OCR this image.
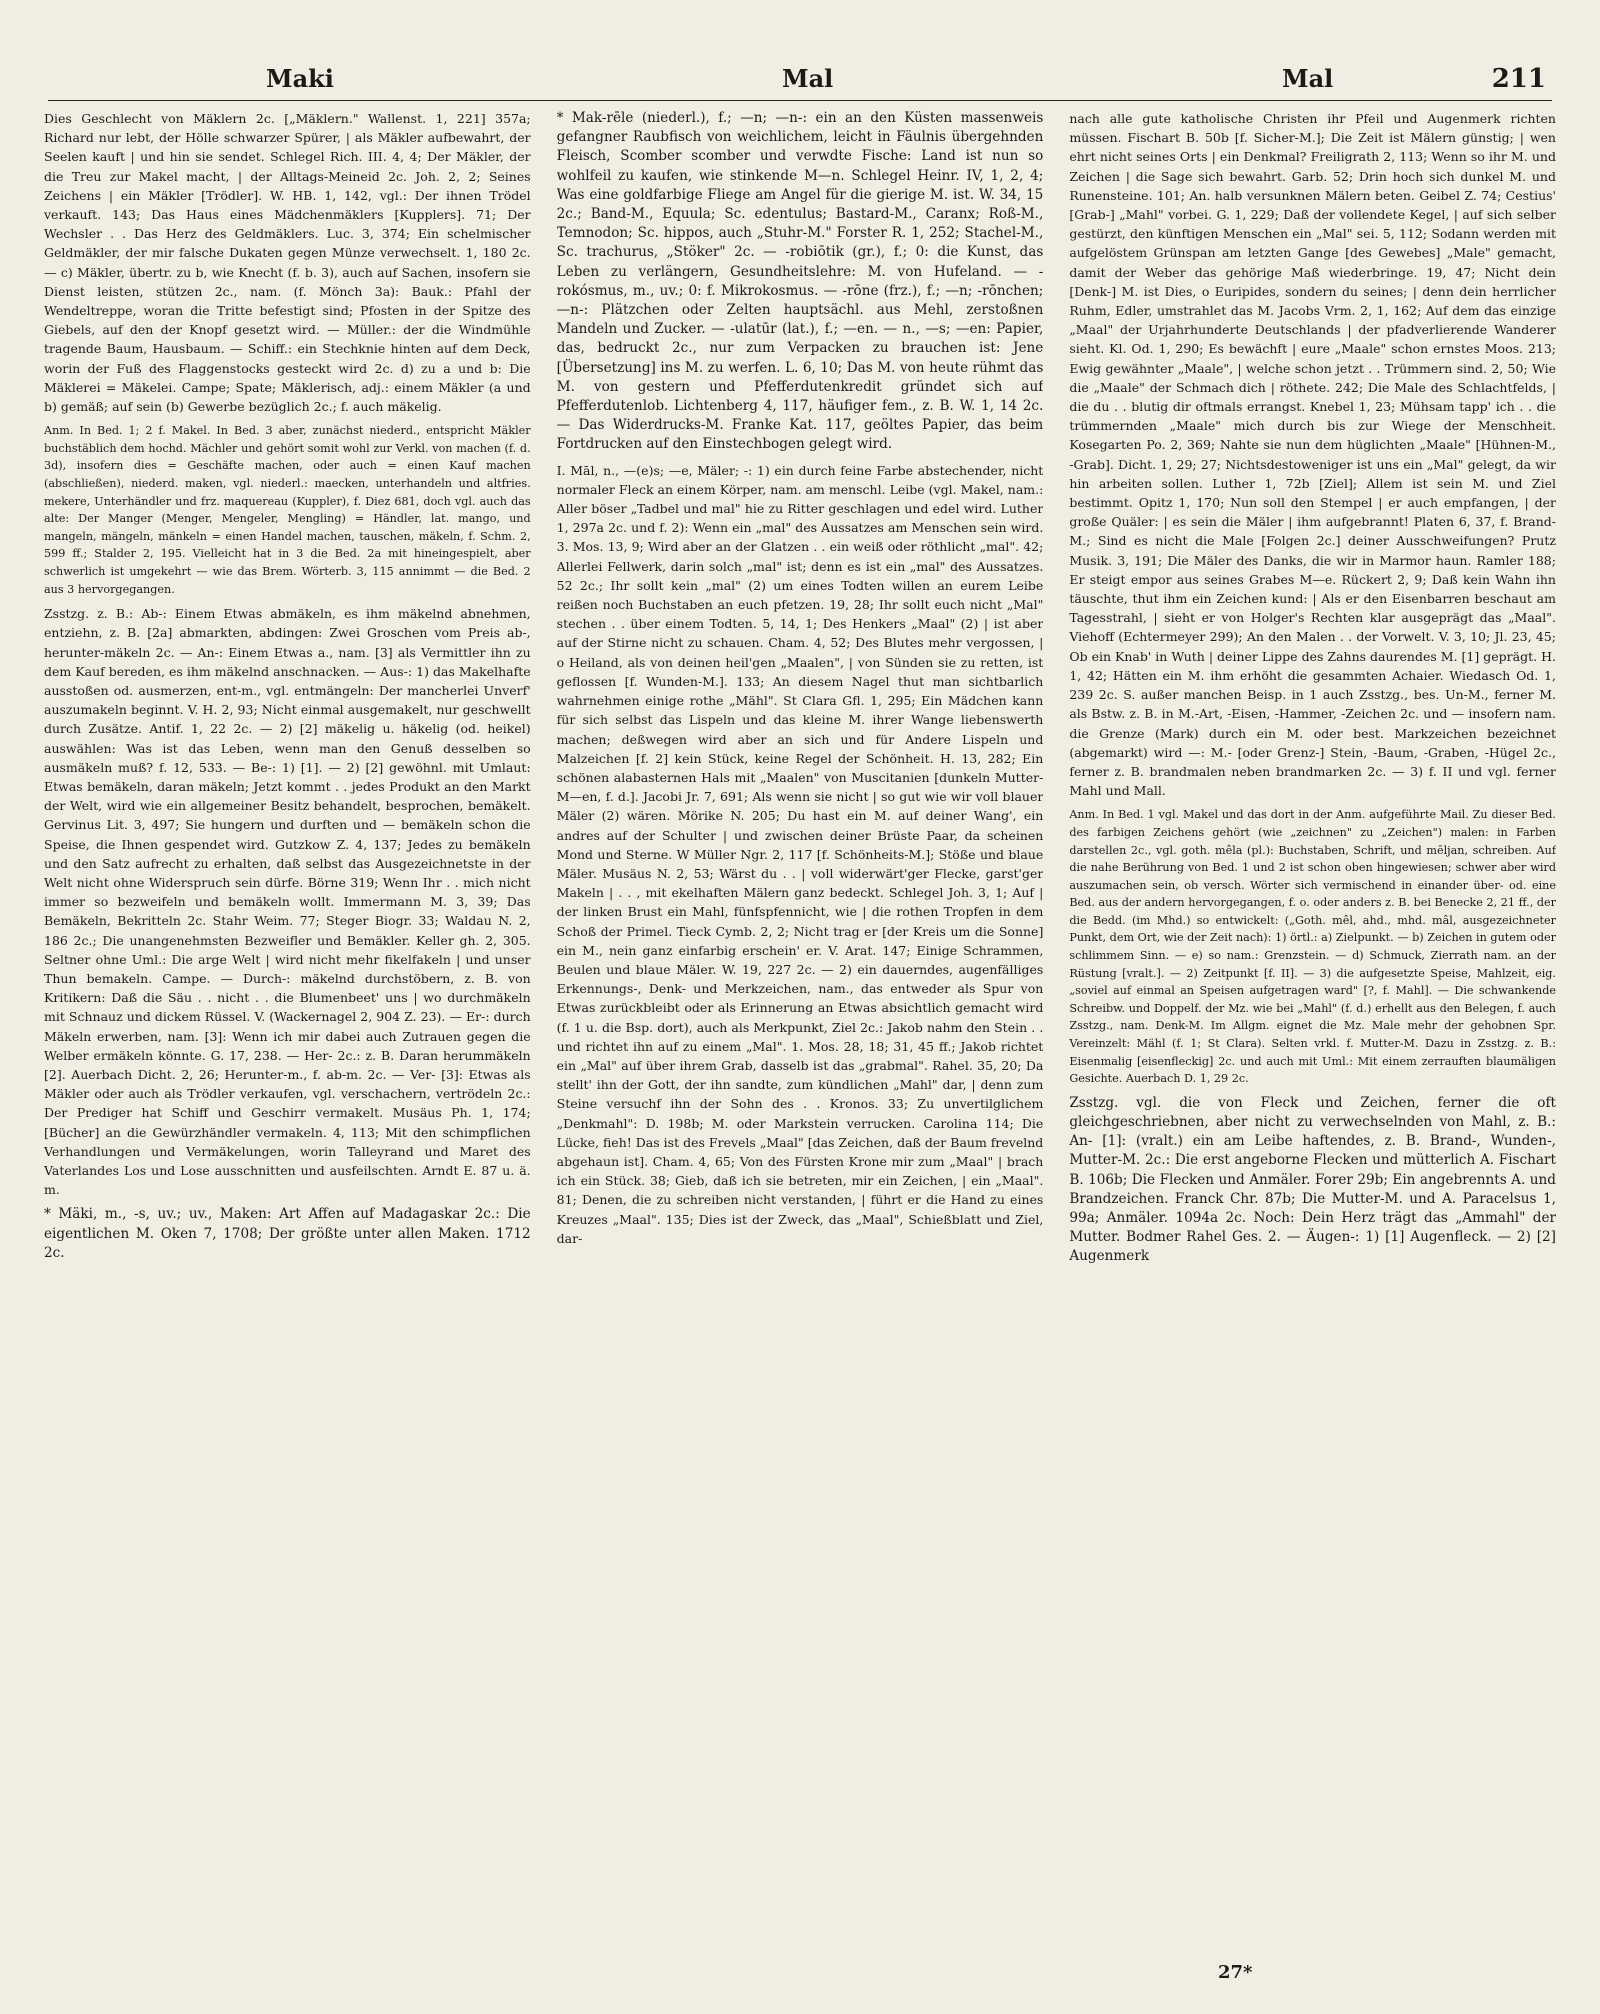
Maki	Mal	Mal	211

Dies Geschlecht von Mäklern 2c. [„Mäklern." Wallenst. 1, 221] 357a; Richard nur lebt, der Hölle schwarzer Spürer, | als Mäkler aufbewahrt, der Seelen kauft | und hin sie sendet. Schlegel Rich. III. 4, 4; Der Mäkler, der die Treu zur Makel macht, | der Alltags-Meineid 2c. Joh. 2, 2; Seines Zeichens | ein Mäkler [Trödler]. W. HB. 1, 142, vgl.: Der ihnen Trödel verkauft. 143; Das Haus eines Mädchenmäklers [Kupplers]. 71; Der Wechsler . . Das Herz des Geldmäklers. Luc. 3, 374; Ein schelmischer Geldmäkler, der mir falsche Dukaten gegen Münze verwechselt. 1, 180 2c. — c) Mäkler, übertr. zu b, wie Knecht (f. b. 3), auch auf Sachen, insofern sie Dienst leisten, stützen 2c., nam. (f. Mönch 3a): Bauk.: Pfahl der Wendeltreppe, woran die Tritte befestigt sind; Pfosten in der Spitze des Giebels, auf den der Knopf gesetzt wird. — Müller.: der die Windmühle tragende Baum, Hausbaum. — Schiff.: ein Stechknie hinten auf dem Deck, worin der Fuß des Flaggenstocks gesteckt wird 2c. d) zu a und b: Die Mäklerei = Mäkelei. Campe; Spate; Mäklerisch, adj.: einem Mäkler (a und b) gemäß; auf sein (b) Gewerbe bezüglich 2c.; f. auch mäkelig.

Anm. In Bed. 1; 2 f. Makel. In Bed. 3 aber, zunächst niederd., entspricht Mäkler buchstäblich dem hochd. Mächler und gehört somit wohl zur Verkl. von machen (f. d. 3d), insofern dies = Geschäfte machen, oder auch = einen Kauf machen (abschließen), niederd. maken, vgl. niederl.: maecken, unterhandeln und altfries. mekere, Unterhändler und frz. maquereau (Kuppler), f. Diez 681, doch vgl. auch das alte: Der Manger (Menger, Mengeler, Mengling) = Händler, lat. mango, und mangeln, mängeln, mänkeln = einen Handel machen, tauschen, mäkeln, f. Schm. 2, 599 ff.; Stalder 2, 195. Vielleicht hat in 3 die Bed. 2a mit hineingespielt, aber schwerlich ist umgekehrt — wie das Brem. Wörterb. 3, 115 annimmt — die Bed. 2 aus 3 hervorgegangen.

Zsstzg. z. B.: Ab-: Einem Etwas abmäkeln, es ihm mäkelnd abnehmen, entziehn, z. B. [2a] abmarkten, abdingen: Zwei Groschen vom Preis ab-, herunter-mäkeln 2c. — An-: Einem Etwas a., nam. [3] als Vermittler ihn zu dem Kauf bereden, es ihm mäkelnd anschnacken. — Aus-: 1) das Makelhafte ausstoßen od. ausmerzen, ent-m., vgl. entmängeln: Der mancherlei Unverf' auszumakeln beginnt. V. H. 2, 93; Nicht einmal ausgemakelt, nur geschwellt durch Zusätze. Antif. 1, 22 2c. — 2) [2] mäkelig u. häkelig (od. heikel) auswählen: Was ist das Leben, wenn man den Genuß desselben so ausmäkeln muß? f. 12, 533. — Be-: 1) [1]. — 2) [2] gewöhnl. mit Umlaut: Etwas bemäkeln, daran mäkeln; Jetzt kommt . . jedes Produkt an den Markt der Welt, wird wie ein allgemeiner Besitz behandelt, besprochen, bemäkelt. Gervinus Lit. 3, 497; Sie hungern und durften und — bemäkeln schon die Speise, die Ihnen gespendet wird. Gutzkow Z. 4, 137; Jedes zu bemäkeln und den Satz aufrecht zu erhalten, daß selbst das Ausgezeichnetste in der Welt nicht ohne Widerspruch sein dürfe. Börne 319; Wenn Ihr . . mich nicht immer so bezweifeln und bemäkeln wollt. Immermann M. 3, 39; Das Bemäkeln, Bekritteln 2c. Stahr Weim. 77; Steger Biogr. 33; Waldau N. 2, 186 2c.; Die unangenehmsten Bezweifler und Bemäkler. Keller gh. 2, 305. Seltner ohne Uml.: Die arge Welt | wird nicht mehr fikelfakeln | und unser Thun bemakeln. Campe. — Durch-: mäkelnd durchstöbern, z. B. von Kritikern: Daß die Säu . . nicht . . die Blumenbeet' uns | wo durchmäkeln mit Schnauz und dickem Rüssel. V. (Wackernagel 2, 904 Z. 23). — Er-: durch Mäkeln erwerben, nam. [3]: Wenn ich mir dabei auch Zutrauen gegen die Welber ermäkeln könnte. G. 17, 238. — Her- 2c.: z. B. Daran herummäkeln [2]. Auerbach Dicht. 2, 26; Herunter-m., f. ab-m. 2c. — Ver- [3]: Etwas als Mäkler oder auch als Trödler verkaufen, vgl. verschachern, vertrödeln 2c.: Der Prediger hat Schiff und Geschirr vermakelt. Musäus Ph. 1, 174; [Bücher] an die Gewürzhändler vermakeln. 4, 113; Mit den schimpflichen Verhandlungen und Vermäkelungen, worin Talleyrand und Maret des Vaterlandes Los und Lose ausschnitten und ausfeilschten. Arndt E. 87 u. ä. m.

* Mäki, m., -s, uv.; uv., Maken: Art Affen auf Madagaskar 2c.: Die eigentlichen M. Oken 7, 1708; Der größte unter allen Maken. 1712 2c.

* Mak-rēle (niederl.), f.; —n; —n-: ein an den Küsten massenweis gefangner Raubfisch von weichlichem, leicht in Fäulnis übergehnden Fleisch, Scomber scomber und verwdte Fische: Land ist nun so wohlfeil zu kaufen, wie stinkende M—n. Schlegel Heinr. IV, 1, 2, 4; Was eine goldfarbige Fliege am Angel für die gierige M. ist. W. 34, 15 2c.; Band-M., Equula; Sc. edentulus; Bastard-M., Caranx; Roß-M., Temnodon; Sc. hippos, auch „Stuhr-M." Forster R. 1, 252; Stachel-M., Sc. trachurus, „Stöker" 2c. — -robiōtik (gr.), f.; 0: die Kunst, das Leben zu verlängern, Gesundheitslehre: M. von Hufeland. — -rokósmus, m., uv.; 0: f. Mikrokosmus. — -rōne (frz.), f.; —n; -rōnchen; —n-: Plätzchen oder Zelten hauptsächl. aus Mehl, zerstoßnen Mandeln und Zucker. — -ulatūr (lat.), f.; —en. — n., —s; —en: Papier, das, bedruckt 2c., nur zum Verpacken zu brauchen ist: Jene [Übersetzung] ins M. zu werfen. L. 6, 10; Das M. von heute rühmt das M. von gestern und Pfefferdutenkredit gründet sich auf Pfefferdutenlob. Lichtenberg 4, 117, häufiger fem., z. B. W. 1, 14 2c. — Das Widerdrucks-M. Franke Kat. 117, geöltes Papier, das beim Fortdrucken auf den Einstechbogen gelegt wird.

I. Māl, n., —(e)s; —e, Mäler; -: 1) ein durch feine Farbe abstechender, nicht normaler Fleck an einem Körper, nam. am menschl. Leibe (vgl. Makel, nam.: Aller böser „Tadbel und mal" hie zu Ritter geschlagen und edel wird. Luther 1, 297a 2c. und f. 2): Wenn ein „mal" des Aussatzes am Menschen sein wird. 3. Mos. 13, 9; Wird aber an der Glatzen . . ein weiß oder röthlicht „mal". 42; Allerlei Fellwerk, darin solch „mal" ist; denn es ist ein „mal" des Aussatzes. 52 2c.; Ihr sollt kein „mal" (2) um eines Todten willen an eurem Leibe reißen noch Buchstaben an euch pfetzen. 19, 28; Ihr sollt euch nicht „Mal" stechen . . über einem Todten. 5, 14, 1; Des Henkers „Maal" (2) | ist aber auf der Stirne nicht zu schauen. Cham. 4, 52; Des Blutes mehr vergossen, | o Heiland, als von deinen heil'gen „Maalen", | von Sünden sie zu retten, ist geflossen [f. Wunden-M.]. 133; An diesem Nagel thut man sichtbarlich wahrnehmen einige rothe „Mähl". St Clara Gfl. 1, 295; Ein Mädchen kann für sich selbst das Lispeln und das kleine M. ihrer Wange liebenswerth machen; deßwegen wird aber an sich und für Andere Lispeln und Malzeichen [f. 2] kein Stück, keine Regel der Schönheit. H. 13, 282; Ein schönen alabasternen Hals mit „Maalen" von Muscitanien [dunkeln Mutter-M—en, f. d.]. Jacobi Jr. 7, 691; Als wenn sie nicht | so gut wie wir voll blauer Mäler (2) wären. Mörike N. 205; Du hast ein M. auf deiner Wang', ein andres auf der Schulter | und zwischen deiner Brüste Paar, da scheinen Mond und Sterne. W Müller Ngr. 2, 117 [f. Schönheits-M.]; Stöße und blaue Mäler. Musäus N. 2, 53; Wärst du . . | voll widerwärt'ger Flecke, garst'ger Makeln | . . , mit ekelhaften Mälern ganz bedeckt. Schlegel Joh. 3, 1; Auf | der linken Brust ein Mahl, fünfspfennicht, wie | die rothen Tropfen in dem Schoß der Primel. Tieck Cymb. 2, 2; Nicht trag er [der Kreis um die Sonne] ein M., nein ganz einfarbig erschein' er. V. Arat. 147; Einige Schrammen, Beulen und blaue Mäler. W. 19, 227 2c. — 2) ein dauerndes, augenfälliges Erkennungs-, Denk- und Merkzeichen, nam., das entweder als Spur von Etwas zurückbleibt oder als Erinnerung an Etwas absichtlich gemacht wird (f. 1 u. die Bsp. dort), auch als Merkpunkt, Ziel 2c.: Jakob nahm den Stein . . und richtet ihn auf zu einem „Mal". 1. Mos. 28, 18; 31, 45 ff.; Jakob richtet ein „Mal" auf über ihrem Grab, dasselb ist das „grabmal". Rahel. 35, 20; Da stellt' ihn der Gott, der ihn sandte, zum kündlichen „Mahl" dar, | denn zum Steine versuchf ihn der Sohn des . . Kronos. 33; Zu unvertilglichem „Denkmahl": D. 198b; M. oder Markstein verrucken. Carolina 114; Die Lücke, fieh! Das ist des Frevels „Maal" [das Zeichen, daß der Baum frevelnd abgehaun ist]. Cham. 4, 65; Von des Fürsten Krone mir zum „Maal" | brach ich ein Stück. 38; Gieb, daß ich sie betreten, mir ein Zeichen, | ein „Maal". 81; Denen, die zu schreiben nicht verstanden, | führt er die Hand zu eines Kreuzes „Maal". 135; Dies ist der Zweck, das „Maal", Schießblatt und Ziel, dar-

nach alle gute katholische Christen ihr Pfeil und Augenmerk richten müssen. Fischart B. 50b [f. Sicher-M.]; Die Zeit ist Mälern günstig; | wen ehrt nicht seines Orts | ein Denkmal? Freiligrath 2, 113; Wenn so ihr M. und Zeichen | die Sage sich bewahrt. Garb. 52; Drin hoch sich dunkel M. und Runensteine. 101; An. halb versunknen Mälern beten. Geibel Z. 74; Cestius' [Grab-] „Mahl" vorbei. G. 1, 229; Daß der vollendete Kegel, | auf sich selber gestürzt, den künftigen Menschen ein „Mal" sei. 5, 112; Sodann werden mit aufgelöstem Grünspan am letzten Gange [des Gewebes] „Male" gemacht, damit der Weber das gehörige Maß wiederbringe. 19, 47; Nicht dein [Denk-] M. ist Dies, o Euripides, sondern du seines; | denn dein herrlicher Ruhm, Edler, umstrahlet das M. Jacobs Vrm. 2, 1, 162; Auf dem das einzige „Maal" der Urjahrhunderte Deutschlands | der pfadverlierende Wanderer sieht. Kl. Od. 1, 290; Es bewächft | eure „Maale" schon ernstes Moos. 213; Ewig gewähnter „Maale", | welche schon jetzt . . Trümmern sind. 2, 50; Wie die „Maale" der Schmach dich | röthete. 242; Die Male des Schlachtfelds, | die du . . blutig dir oftmals errangst. Knebel 1, 23; Mühsam tapp' ich . . die trümmernden „Maale" mich durch bis zur Wiege der Menschheit. Kosegarten Po. 2, 369; Nahte sie nun dem hüglichten „Maale" [Hühnen-M., -Grab]. Dicht. 1, 29; 27; Nichtsdestoweniger ist uns ein „Mal" gelegt, da wir hin arbeiten sollen. Luther 1, 72b [Ziel]; Allem ist sein M. und Ziel bestimmt. Opitz 1, 170; Nun soll den Stempel | er auch empfangen, | der große Quäler: | es sein die Mäler | ihm aufgebrannt! Platen 6, 37, f. Brand-M.; Sind es nicht die Male [Folgen 2c.] deiner Ausschweifungen? Prutz Musik. 3, 191; Die Mäler des Danks, die wir in Marmor haun. Ramler 188; Er steigt empor aus seines Grabes M—e. Rückert 2, 9; Daß kein Wahn ihn täuschte, thut ihm ein Zeichen kund: | Als er den Eisenbarren beschaut am Tagesstrahl, | sieht er von Holger's Rechten klar ausgeprägt das „Maal". Viehoff (Echtermeyer 299); An den Malen . . der Vorwelt. V. 3, 10; Jl. 23, 45; Ob ein Knab' in Wuth | deiner Lippe des Zahns daurendes M. [1] geprägt. H. 1, 42; Hätten ein M. ihm erhöht die gesammten Achaier. Wiedasch Od. 1, 239 2c. S. außer manchen Beisp. in 1 auch Zsstzg., bes. Un-M., ferner M. als Bstw. z. B. in M.-Art, -Eisen, -Hammer, -Zeichen 2c. und — insofern nam. die Grenze (Mark) durch ein M. oder best. Markzeichen bezeichnet (abgemarkt) wird —: M.- [oder Grenz-] Stein, -Baum, -Graben, -Hügel 2c., ferner z. B. brandmalen neben brandmarken 2c. — 3) f. II und vgl. ferner Mahl und Mall.

Anm. In Bed. 1 vgl. Makel und das dort in der Anm. aufgeführte Mail. Zu dieser Bed. des farbigen Zeichens gehört (wie „zeichnen" zu „Zeichen") malen: in Farben darstellen 2c., vgl. goth. mêla (pl.): Buchstaben, Schrift, und mēljan, schreiben. Auf die nahe Berührung von Bed. 1 und 2 ist schon oben hingewiesen; schwer aber wird auszumachen sein, ob versch. Wörter sich vermischend in einander über- od. eine Bed. aus der andern hervorgegangen, f. o. oder anders z. B. bei Benecke 2, 21 ff., der die Bedd. (im Mhd.) so entwickelt: („Goth. mêl, ahd., mhd. mâl, ausgezeichneter Punkt, dem Ort, wie der Zeit nach): 1) örtl.: a) Zielpunkt. — b) Zeichen in gutem oder schlimmem Sinn. — e) so nam.: Grenzstein. — d) Schmuck, Zierrath nam. an der Rüstung [vralt.]. — 2) Zeitpunkt [f. II]. — 3) die aufgesetzte Speise, Mahlzeit, eig. „soviel auf einmal an Speisen aufgetragen ward" [?, f. Mahl]. — Die schwankende Schreibw. und Doppelf. der Mz. wie bei „Mahl" (f. d.) erhellt aus den Belegen, f. auch Zsstzg., nam. Denk-M. Im Allgm. eignet die Mz. Male mehr der gehobnen Spr. Vereinzelt: Mähl (f. 1; St Clara). Selten vrkl. f. Mutter-M. Dazu in Zsstzg. z. B.: Eisenmalig [eisenfleckig] 2c. und auch mit Uml.: Mit einem zerrauften blaumäligen Gesichte. Auerbach D. 1, 29 2c.

Zsstzg. vgl. die von Fleck und Zeichen, ferner die oft gleichgeschriebnen, aber nicht zu verwechselnden von Mahl, z. B.: An- [1]: (vralt.) ein am Leibe haftendes, z. B. Brand-, Wunden-, Mutter-M. 2c.: Die erst angeborne Flecken und mütterlich A. Fischart B. 106b; Die Flecken und Anmäler. Forer 29b; Ein angebrennts A. und Brandzeichen. Franck Chr. 87b; Die Mutter-M. und A. Paracelsus 1, 99a; Anmäler. 1094a 2c. Noch: Dein Herz trägt das „Ammahl" der Mutter. Bodmer Rahel Ges. 2. — Äugen-: 1) [1] Augenfleck. — 2) [2] Augenmerk

27*
